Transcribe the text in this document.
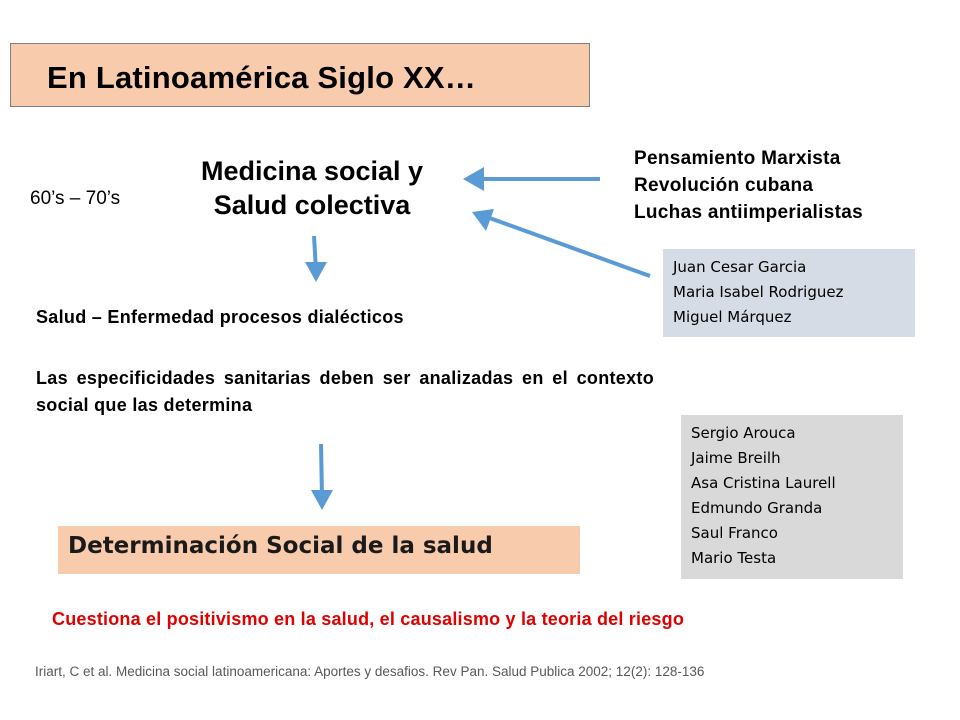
En Latinoamérica Siglo XX…
Medicina social y
Salud colectiva
60’s – 70’s
Pensamiento Marxista
Revolución cubana
Luchas antiimperialistas
Juan Cesar Garcia
Maria Isabel Rodriguez
Miguel Márquez
Salud – Enfermedad procesos dialécticos
Las especificidades sanitarias deben ser analizadas en el contexto social que las determina
Sergio Arouca
Jaime Breilh
Asa Cristina Laurell
Edmundo Granda
Saul Franco
Mario Testa
Determinación Social de la salud
Cuestiona el positivismo en la salud, el causalismo y la teoria del riesgo
Iriart, C et al. Medicina social latinoamericana: Aportes y desafios. Rev Pan. Salud Publica 2002; 12(2): 128-136
